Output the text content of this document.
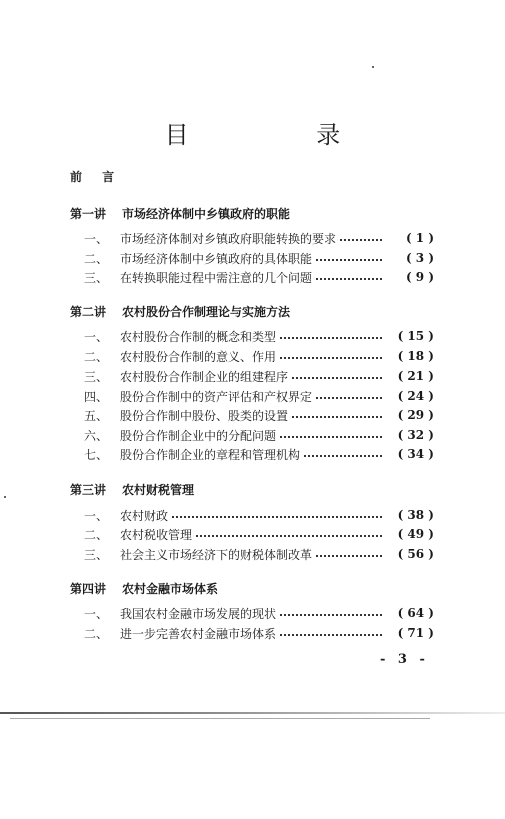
目 录
前 言
第一讲 市场经济体制中乡镇政府的职能
一、 市场经济体制对乡镇政府职能转换的要求	( 1 )
二、 市场经济体制中乡镇政府的具体职能	( 3 )
三、 在转换职能过程中需注意的几个问题	( 9 )
第二讲 农村股份合作制理论与实施方法
一、 农村股份合作制的概念和类型	( 15 )
二、 农村股份合作制的意义、作用	( 18 )
三、 农村股份合作制企业的组建程序	( 21 )
四、 股份合作制中的资产评估和产权界定	( 24 )
五、 股份合作制中股份、股类的设置	( 29 )
六、 股份合作制企业中的分配问题	( 32 )
七、 股份合作制企业的章程和管理机构	( 34 )
第三讲 农村财税管理
一、 农村财政	( 38 )
二、 农村税收管理	( 49 )
三、 社会主义市场经济下的财税体制改革	( 56 )
第四讲 农村金融市场体系
一、 我国农村金融市场发展的现状	( 64 )
二、 进一步完善农村金融市场体系	( 71 )
- 3 -
